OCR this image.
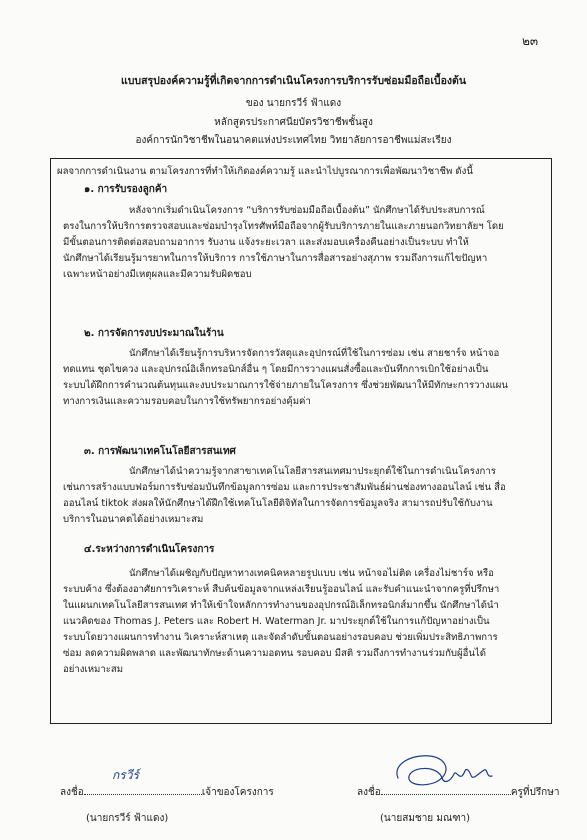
๒๓
แบบสรุปองค์ความรู้ที่เกิดจากการดำเนินโครงการบริการรับซ่อมมือถือเบื้องต้น
ของ นายกรวีร์ ฟ้าแดง
หลักสูตรประกาศนียบัตรวิชาชีพชั้นสูง
องค์การนักวิชาชีพในอนาคตแห่งประเทศไทย วิทยาลัยการอาชีพแม่สะเรียง
ผลจากการดำเนินงาน ตามโครงการที่ทำให้เกิดองค์ความรู้ และนำไปบูรณาการเพื่อพัฒนาวิชาชีพ ดังนี้
๑. การรับรองลูกค้า
หลังจากเริ่มดำเนินโครงการ “บริการรับซ่อมมือถือเบื้องต้น” นักศึกษาได้รับประสบการณ์
ตรงในการให้บริการตรวจสอบและซ่อมบำรุงโทรศัพท์มือถือจากผู้รับบริการภายในและภายนอกวิทยาลัยฯ โดย
มีขั้นตอนการติดต่อสอบถามอาการ รับงาน แจ้งระยะเวลา และส่งมอบเครื่องคืนอย่างเป็นระบบ ทำให้
นักศึกษาได้เรียนรู้มารยาทในการให้บริการ การใช้ภาษาในการสื่อสารอย่างสุภาพ รวมถึงการแก้ไขปัญหา
เฉพาะหน้าอย่างมีเหตุผลและมีความรับผิดชอบ
๒. การจัดการงบประมาณในร้าน
นักศึกษาได้เรียนรู้การบริหารจัดการวัสดุและอุปกรณ์ที่ใช้ในการซ่อม เช่น สายชาร์จ หน้าจอ
ทดแทน ชุดไขควง และอุปกรณ์อิเล็กทรอนิกส์อื่น ๆ โดยมีการวางแผนสั่งซื้อและบันทึกการเบิกใช้อย่างเป็น
ระบบได้ฝึกการคำนวณต้นทุนและงบประมาณการใช้จ่ายภายในโครงการ ซึ่งช่วยพัฒนาให้มีทักษะการวางแผน
ทางการเงินและความรอบคอบในการใช้ทรัพยากรอย่างคุ้มค่า
๓. การพัฒนาเทคโนโลยีสารสนเทศ
นักศึกษาได้นำความรู้จากสาขาเทคโนโลยีสารสนเทศมาประยุกต์ใช้ในการดำเนินโครงการ
เช่นการสร้างแบบฟอร์มการรับซ่อมบันทึกข้อมูลการซ่อม และการประชาสัมพันธ์ผ่านช่องทางออนไลน์ เช่น สื่อ
ออนไลน์ tiktok ส่งผลให้นักศึกษาได้ฝึกใช้เทคโนโลยีดิจิทัลในการจัดการข้อมูลจริง สามารถปรับใช้กับงาน
บริการในอนาคตได้อย่างเหมาะสม
๔.ระหว่างการดำเนินโครงการ
นักศึกษาได้เผชิญกับปัญหาทางเทคนิคหลายรูปแบบ เช่น หน้าจอไม่ติด เครื่องไม่ชาร์จ หรือ
ระบบค้าง ซึ่งต้องอาศัยการวิเคราะห์ สืบค้นข้อมูลจากแหล่งเรียนรู้ออนไลน์ และรับคำแนะนำจากครูที่ปรึกษา
ในแผนกเทคโนโลยีสารสนเทศ ทำให้เข้าใจหลักการทำงานของอุปกรณ์อิเล็กทรอนิกส์มากขึ้น นักศึกษาได้นำ
แนวคิดของ Thomas J. Peters และ Robert H. Waterman Jr. มาประยุกต์ใช้ในการแก้ปัญหาอย่างเป็น
ระบบโดยวางแผนการทำงาน วิเคราะห์สาเหตุ และจัดลำดับขั้นตอนอย่างรอบคอบ ช่วยเพิ่มประสิทธิภาพการ
ซ่อม ลดความผิดพลาด และพัฒนาทักษะด้านความอดทน รอบคอบ มีสติ รวมถึงการทำงานร่วมกับผู้อื่นได้
อย่างเหมาะสม
ลงชื่อ	เจ้าของโครงการ
กรวีร์
(นายกรวีร์ ฟ้าแดง)
ลงชื่อ	ครูที่ปรึกษา
(นายสมชาย มณฑา)
